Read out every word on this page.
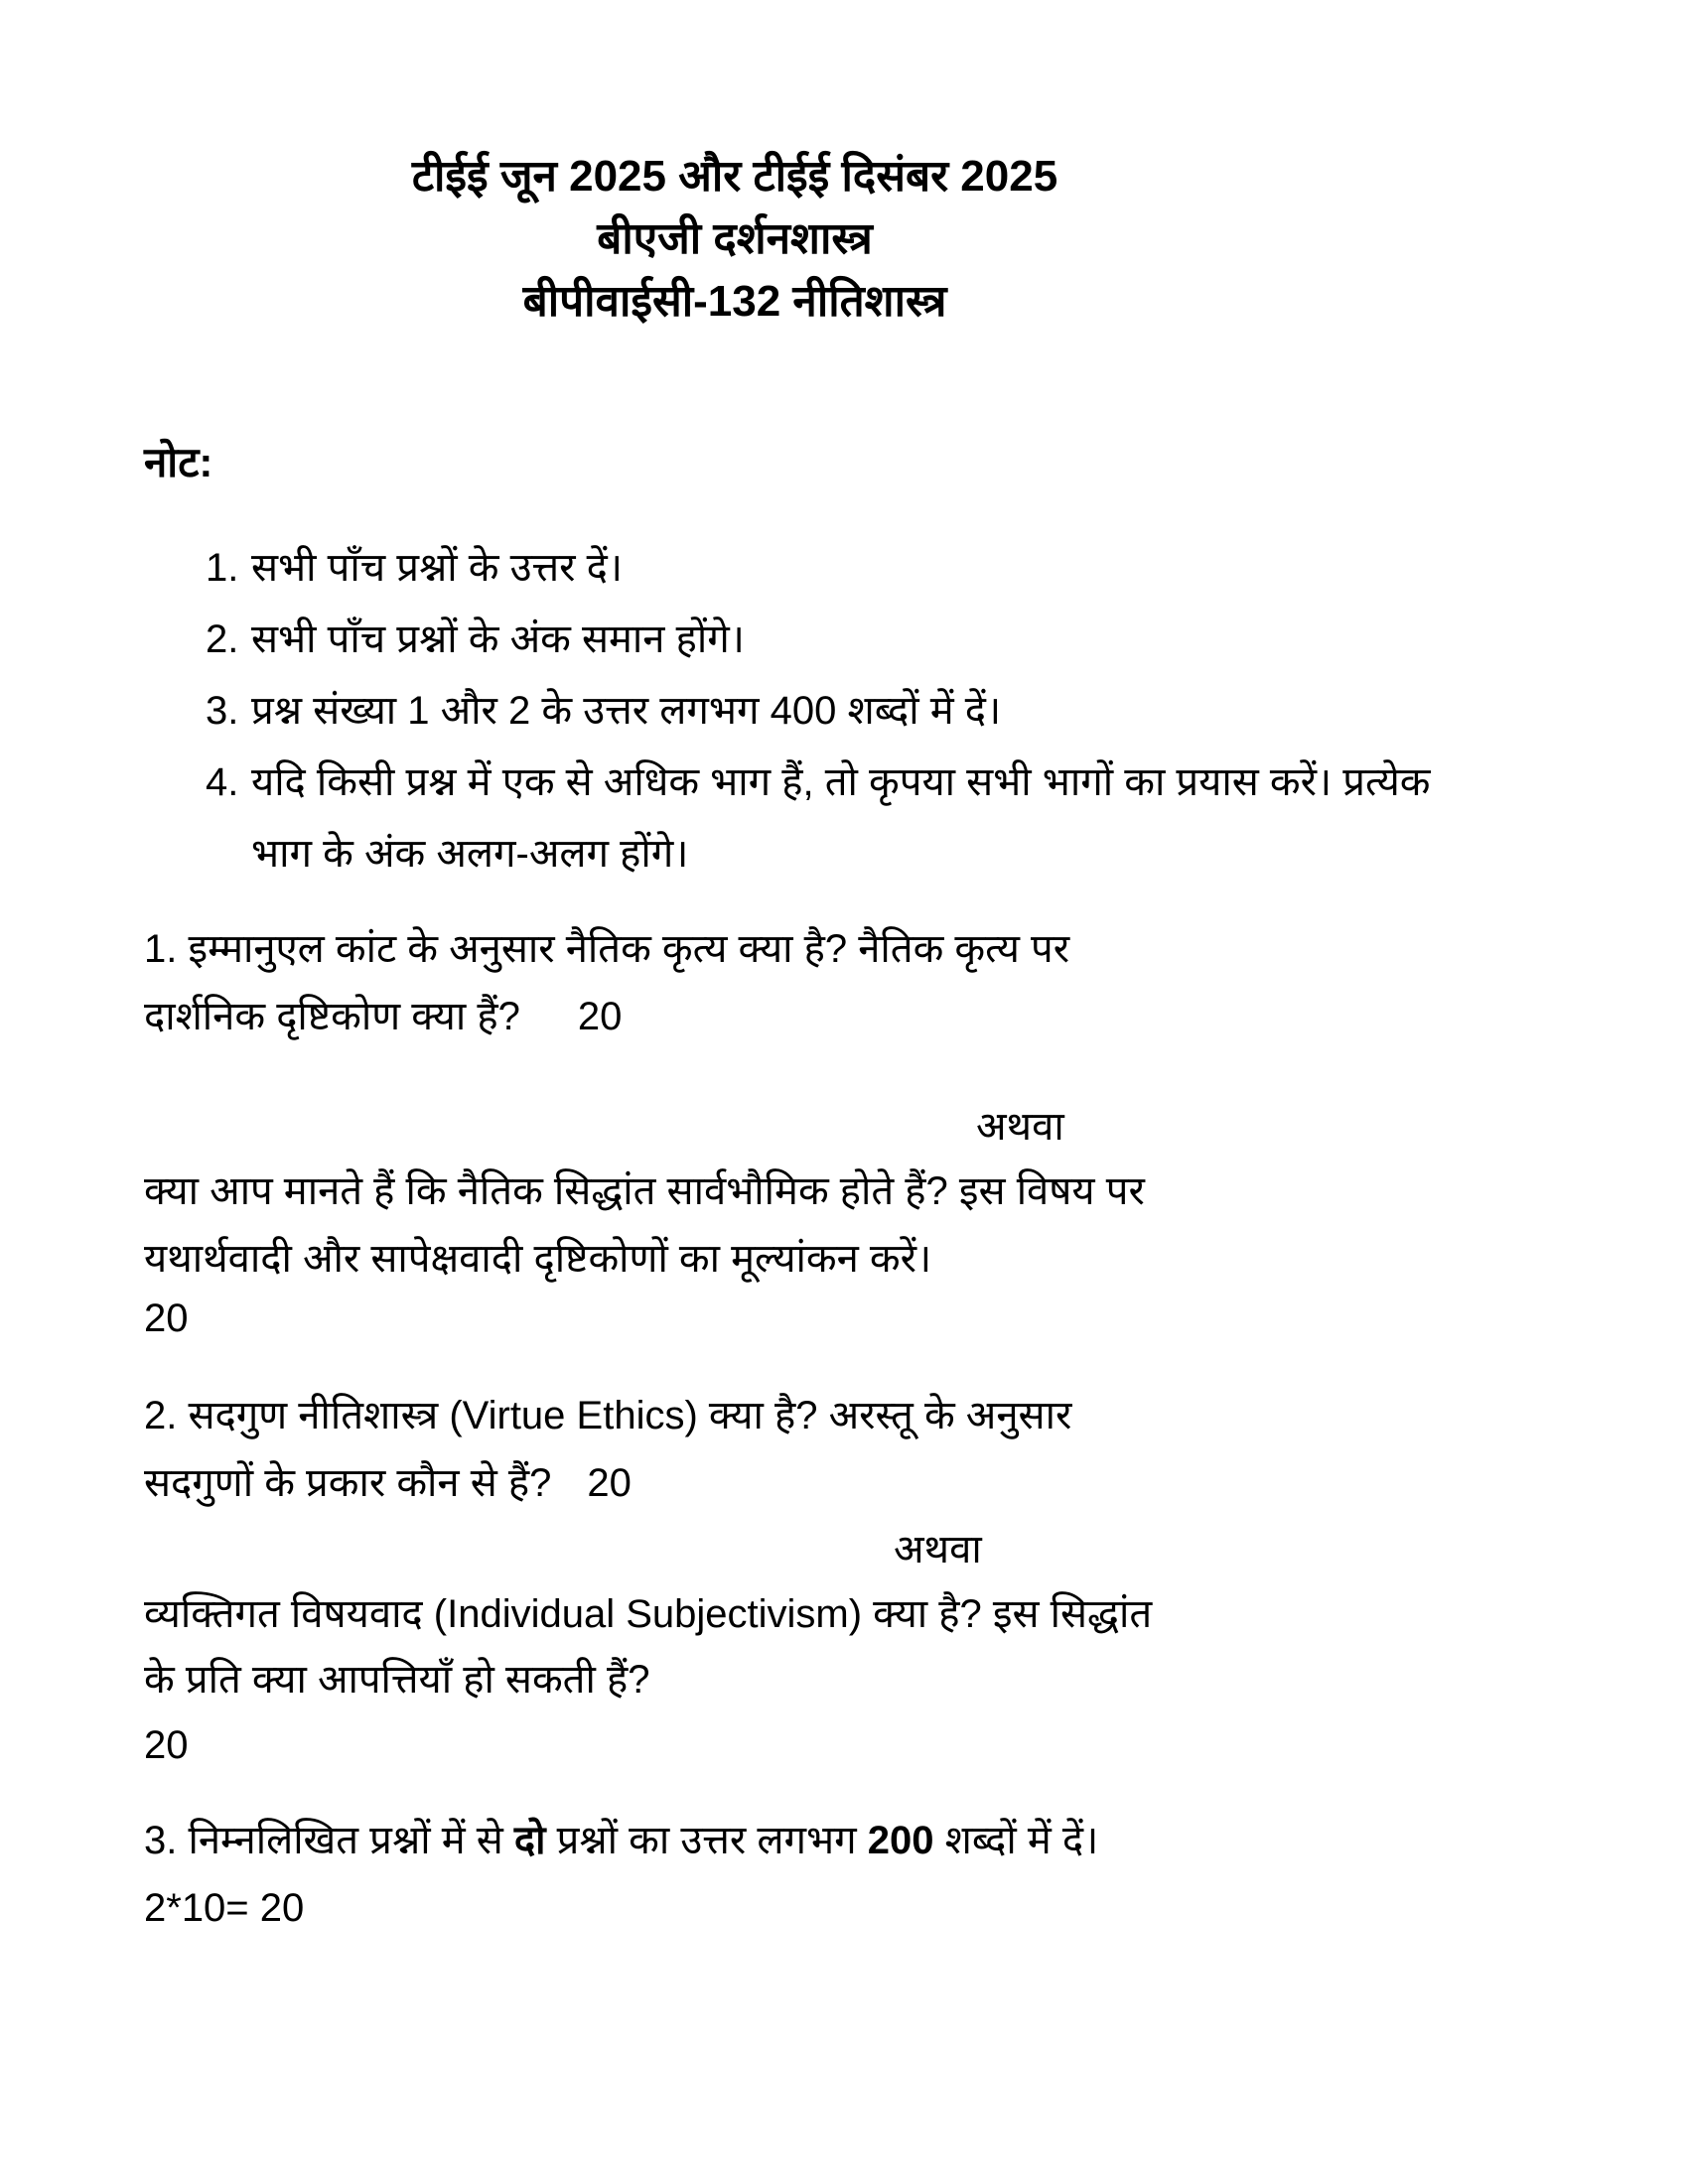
टीईई जून 2025 और टीईई दिसंबर 2025
बीएजी दर्शनशास्त्र
बीपीवाईसी-132 नीतिशास्त्र
नोट:
1. सभी पाँच प्रश्नों के उत्तर दें।
2. सभी पाँच प्रश्नों के अंक समान होंगे।
3. प्रश्न संख्या 1 और 2 के उत्तर लगभग 400 शब्दों में दें।
4. यदि किसी प्रश्न में एक से अधिक भाग हैं, तो कृपया सभी भागों का प्रयास करें। प्रत्येक भाग के अंक अलग-अलग होंगे।
1. इम्मानुएल कांट के अनुसार नैतिक कृत्य क्या है? नैतिक कृत्य पर
दार्शनिक दृष्टिकोण क्या हैं? 20
अथवा
क्या आप मानते हैं कि नैतिक सिद्धांत सार्वभौमिक होते हैं? इस विषय पर
यथार्थवादी और सापेक्षवादी दृष्टिकोणों का मूल्यांकन करें।
20
2. सदगुण नीतिशास्त्र (Virtue Ethics) क्या है? अरस्तू के अनुसार
सदगुणों के प्रकार कौन से हैं? 20
अथवा
व्यक्तिगत विषयवाद (Individual Subjectivism) क्या है? इस सिद्धांत
के प्रति क्या आपत्तियाँ हो सकती हैं?
20
3. निम्नलिखित प्रश्नों में से दो प्रश्नों का उत्तर लगभग 200 शब्दों में दें।
2*10= 20
